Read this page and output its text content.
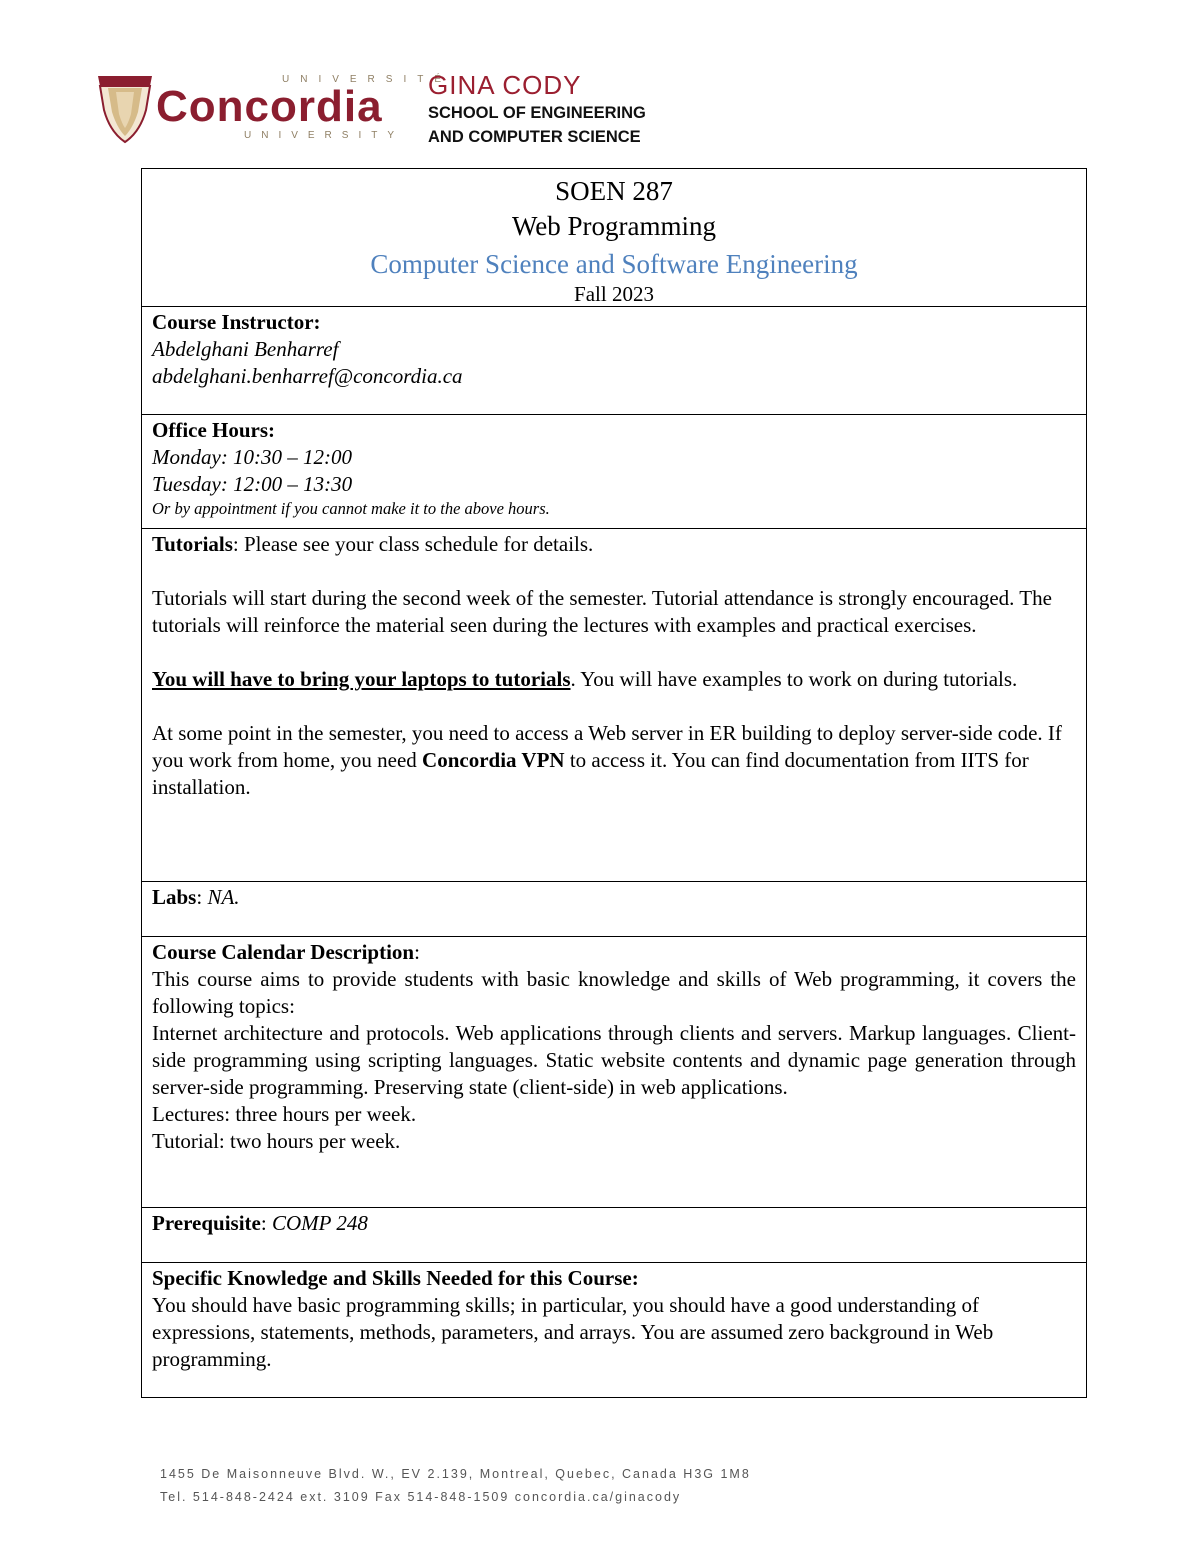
UNIVERSITÉ
Concordia
UNIVERSITY
GINA CODY
SCHOOL OF ENGINEERING
AND COMPUTER SCIENCE
SOEN 287
Web Programming
Computer Science and Software Engineering
Fall 2023
Course Instructor:
Abdelghani Benharref
abdelghani.benharref@concordia.ca
Office Hours:
Monday: 10:30 – 12:00
Tuesday: 12:00 – 13:30
Or by appointment if you cannot make it to the above hours.
Tutorials: Please see your class schedule for details.
Tutorials will start during the second week of the semester. Tutorial attendance is strongly encouraged. The tutorials will reinforce the material seen during the lectures with examples and practical exercises.
You will have to bring your laptops to tutorials. You will have examples to work on during tutorials.
At some point in the semester, you need to access a Web server in ER building to deploy server-side code. If you work from home, you need Concordia VPN to access it. You can find documentation from IITS for installation.
Labs: NA.
Course Calendar Description:
This course aims to provide students with basic knowledge and skills of Web programming, it covers the following topics:
Internet architecture and protocols. Web applications through clients and servers. Markup languages. Client-side programming using scripting languages. Static website contents and dynamic page generation through server-side programming. Preserving state (client-side) in web applications.
Lectures: three hours per week.
Tutorial: two hours per week.
Prerequisite: COMP 248
Specific Knowledge and Skills Needed for this Course:
You should have basic programming skills; in particular, you should have a good understanding of expressions, statements, methods, parameters, and arrays. You are assumed zero background in Web programming.
1455 De Maisonneuve Blvd. W., EV 2.139, Montreal, Quebec, Canada H3G 1M8
Tel. 514-848-2424 ext. 3109 Fax 514-848-1509 concordia.ca/ginacody
